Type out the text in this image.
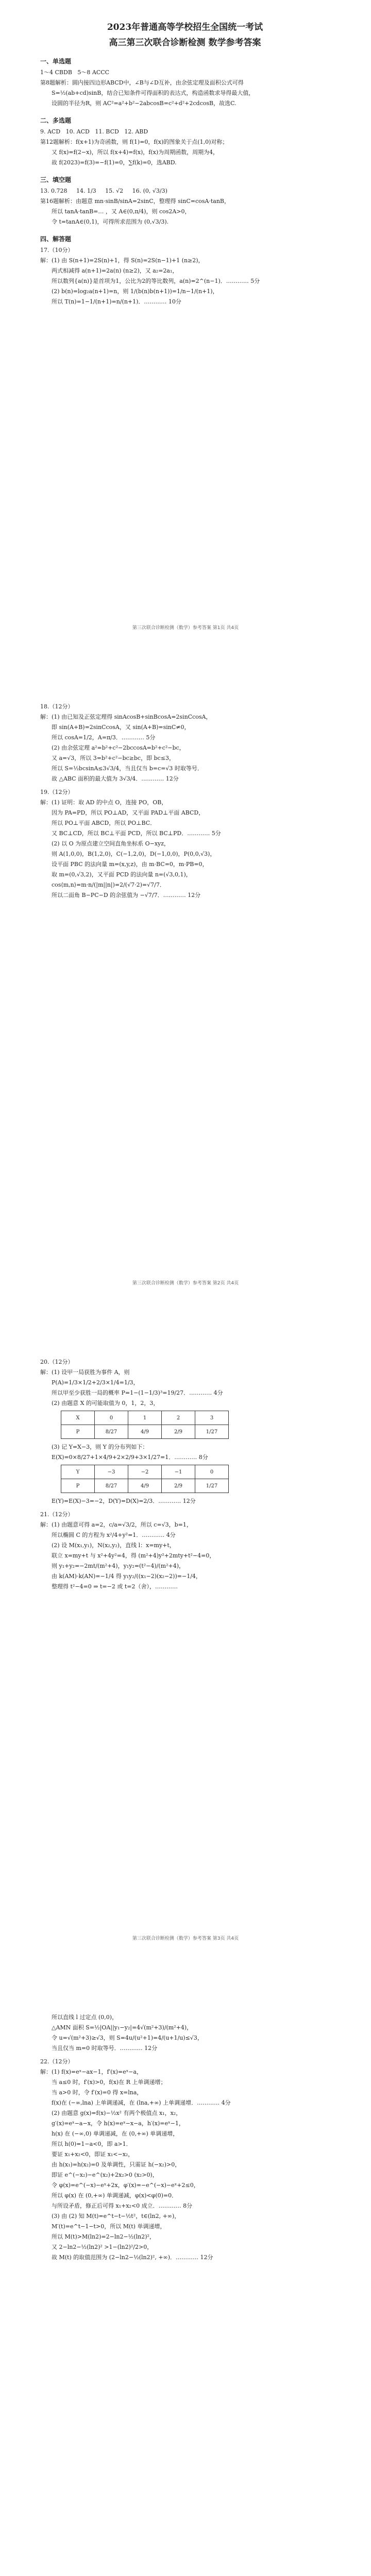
2023年普通高等学校招生全国统一考试

高三第三次联合诊断检测 数学参考答案

一、单选题

1～4 CBDB   5～8 ACCC

第8题解析：圆内接四边形ABCD中，∠B与∠D互补，由余弦定理及面积公式可得

S=½(ab+cd)sinB，结合已知条件可得面积的表达式，构造函数求导得最大值，

设圆的半径为R，则 AC²=a²+b²−2abcosB=c²+d²+2cdcosB，故选C.

二、多选题

9. ACD   10. ACD   11. BCD   12. ABD

第12题解析：f(x+1)为奇函数，则 f(1)=0，f(x)的图象关于点(1,0)对称；

又 f(x)=f(2−x)，所以 f(x+4)=f(x)，f(x)为周期函数，周期为4，

故 f(2023)=f(3)=−f(1)=0，∑f(k)=0，选ABD.

三、填空题

13. 0.728     14. 1/3     15. √2     16. (0, √3/3)

第16题解析：由题意 mn·sinB/sinA=2sinC，整理得 sinC=cosA·tanB，

所以 tanA·tanB=… ，又 A∈(0,π/4)，则 cos2A>0，

令 t=tanA∈(0,1)，可得所求范围为 (0,√3/3).

四、解答题

17.（10分）

解：(1) 由 S(n+1)=2S(n)+1，得 S(n)=2S(n−1)+1 (n≥2)，

两式相减得 a(n+1)=2a(n) (n≥2)，又 a₂=2a₁，

所以数列{a(n)}是首项为1，公比为2的等比数列，a(n)=2^(n−1)．………… 5分

(2) b(n)=log₂a(n+1)=n，则 1/(b(n)b(n+1))=1/n−1/(n+1)，

所以 T(n)=1−1/(n+1)=n/(n+1)．………… 10分

第三次联合诊断检测（数学）参考答案 第1页 共4页

18.（12分）

解：(1) 由已知及正弦定理得 sinAcosB+sinBcosA=2sinCcosA，

即 sin(A+B)=2sinCcosA，又 sin(A+B)=sinC≠0，

所以 cosA=1/2，A=π/3．………… 5分

(2) 由余弦定理 a²=b²+c²−2bccosA=b²+c²−bc，

又 a=√3，所以 3=b²+c²−bc≥bc，即 bc≤3，

所以 S=½bcsinA≤3√3/4，当且仅当 b=c=√3 时取等号．

故 △ABC 面积的最大值为 3√3/4．………… 12分

19.（12分）

解：(1) 证明：取 AD 的中点 O，连接 PO，OB，

因为 PA=PD，所以 PO⊥AD，又平面 PAD⊥平面 ABCD，

所以 PO⊥平面 ABCD，所以 PO⊥BC．

又 BC⊥CD，所以 BC⊥平面 PCD，所以 BC⊥PD．………… 5分

(2) 以 O 为原点建立空间直角坐标系 O−xyz，

则 A(1,0,0)，B(1,2,0)，C(−1,2,0)，D(−1,0,0)，P(0,0,√3)，

设平面 PBC 的法向量 m=(x,y,z)，由 m·BC=0，m·PB=0，

取 m=(0,√3,2)，又平面 PCD 的法向量 n=(√3,0,1)，

cos⟨m,n⟩=m·n/(|m||n|)=2/(√7·2)=√7/7．

所以二面角 B−PC−D 的余弦值为 −√7/7．………… 12分

第三次联合诊断检测（数学）参考答案 第2页 共4页

20.（12分）

解：(1) 设甲一局获胜为事件 A，则

P(A)=1/3×1/2+2/3×1/4=1/3，

所以甲至少获胜一局的概率 P=1−(1−1/3)³=19/27．………… 4分

(2) 由题意 X 的可能取值为 0，1，2，3，

X	0	1	2	3
P	8/27	4/9	2/9	1/27

(3) 记 Y=X−3，则 Y 的分布列如下：

E(X)=0×8/27+1×4/9+2×2/9+3×1/27=1．………… 8分

Y	−3	−2	−1	0
P	8/27	4/9	2/9	1/27

E(Y)=E(X)−3=−2，D(Y)=D(X)=2/3．………… 12分

21.（12分）

解：(1) 由题意可得 a=2，c/a=√3/2，所以 c=√3，b=1，

所以椭圆 C 的方程为 x²/4+y²=1．………… 4分

(2) 设 M(x₁,y₁)，N(x₂,y₂)，直线 l：x=my+t，

联立 x=my+t 与 x²+4y²=4，得 (m²+4)y²+2mty+t²−4=0，

则 y₁+y₂=−2mt/(m²+4)，y₁y₂=(t²−4)/(m²+4)，

由 k(AM)·k(AN)=−1/4 得 y₁y₂/((x₁−2)(x₂−2))=−1/4，

整理得 t²−4=0 ⇒ t=−2 或 t=2（舍），…………

第三次联合诊断检测（数学）参考答案 第3页 共4页

所以直线 l 过定点 (0,0)，

△AMN 面积 S=½|OA||y₁−y₂|=4√(m²+3)/(m²+4)，

令 u=√(m²+3)≥√3，则 S=4u/(u²+1)=4/(u+1/u)≤√3，

当且仅当 m=0 时取等号．………… 12分

22.（12分）

解：(1) f(x)=eˣ−ax−1，f′(x)=eˣ−a，

当 a≤0 时，f′(x)>0，f(x)在 R 上单调递增；

当 a>0 时，令 f′(x)=0 得 x=lna，

f(x)在 (−∞,lna) 上单调递减，在 (lna,+∞) 上单调递增．………… 4分

(2) 由题意 g(x)=f(x)−½x² 有两个极值点 x₁，x₂，

g′(x)=eˣ−a−x，令 h(x)=eˣ−x−a，h′(x)=eˣ−1，

h(x) 在 (−∞,0) 单调递减，在 (0,+∞) 单调递增，

所以 h(0)=1−a<0，即 a>1．

要证 x₁+x₂<0，即证 x₁<−x₂，

由 h(x₁)=h(x₂)=0 及单调性，只需证 h(−x₂)>0，

即证 e^(−x₂)−e^(x₂)+2x₂>0 (x₂>0)，

令 φ(x)=e^(−x)−eˣ+2x，φ′(x)=−e^(−x)−eˣ+2≤0，

所以 φ(x) 在 (0,+∞) 单调递减，φ(x)<φ(0)=0．

与所设矛盾，修正后可得 x₁+x₂<0 成立．………… 8分

(3) 由 (2) 知 M(t)=e^t−t−½t²，t∈(ln2, +∞)，

M′(t)=e^t−1−t>0，所以 M(t) 单调递增，

所以 M(t)>M(ln2)=2−ln2−½(ln2)²，

又 2−ln2−½(ln2)² >1−(ln2)²/2>0，

故 M(t) 的取值范围为 (2−ln2−½(ln2)², +∞)．………… 12分
